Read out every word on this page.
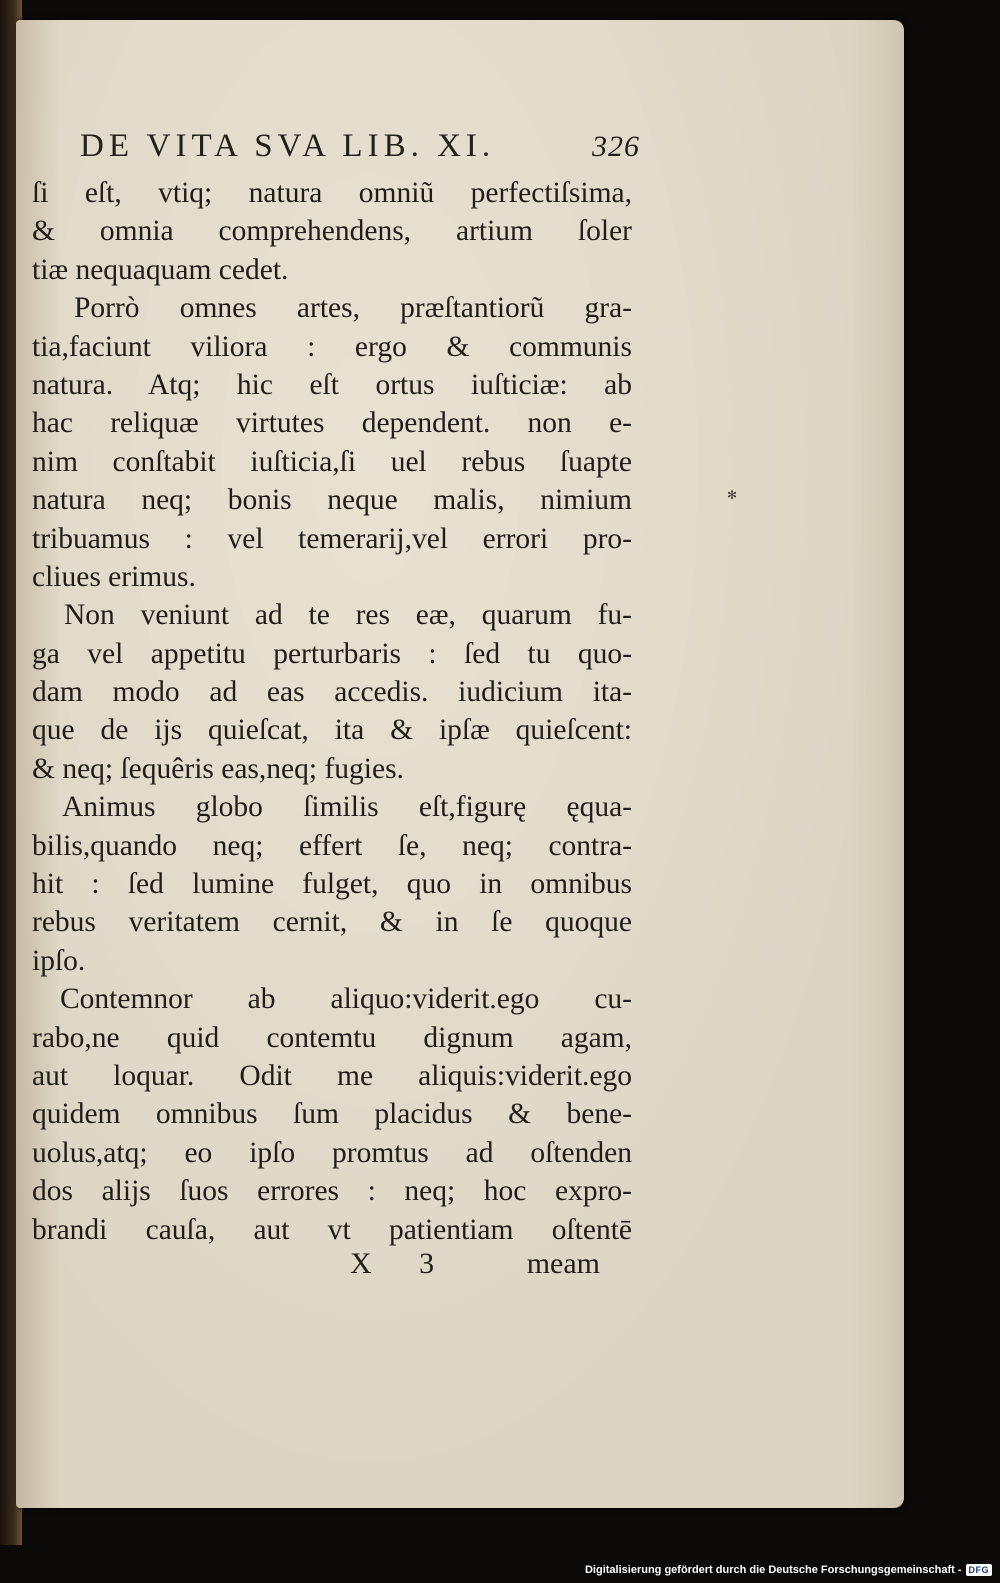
✻
DE VITA SVA LIB. XI.	326
ſi eſt, vtiq; natura omniũ perfectiſsima,
& omnia comprehendens, artium ſoler
tiæ nequaquam cedet.
Porrò omnes artes, præſtantiorũ gra-
tia,faciunt viliora : ergo & communis
natura. Atq; hic eſt ortus iuſticiæ: ab
hac reliquæ virtutes dependent. non e-
nim conſtabit iuſticia,ſi uel rebus ſuapte
natura neq; bonis neque malis, nimium
tribuamus : vel temerarij,vel errori pro-
cliues erimus.
Non veniunt ad te res eæ, quarum fu-
ga vel appetitu perturbaris : ſed tu quo-
dam modo ad eas accedis. iudicium ita-
que de ijs quieſcat, ita & ipſæ quieſcent:
& neq; ſequêris eas,neq; fugies.
Animus globo ſimilis eſt,figurę ęqua-
bilis,quando neq; effert ſe, neq; contra-
hit : ſed lumine fulget, quo in omnibus
rebus veritatem cernit, & in ſe quoque
ipſo.
Contemnor ab aliquo:viderit.ego cu-
rabo,ne quid contemtu dignum agam,
aut loquar. Odit me aliquis:viderit.ego
quidem omnibus ſum placidus & bene-
uolus,atq; eo ipſo promtus ad oſtenden
dos alijs ſuos errores : neq; hoc expro-
brandi cauſa, aut vt patientiam oſtentē
X 3 meam
Digitalisierung gefördert durch die Deutsche Forschungsgemeinschaft - DFG
